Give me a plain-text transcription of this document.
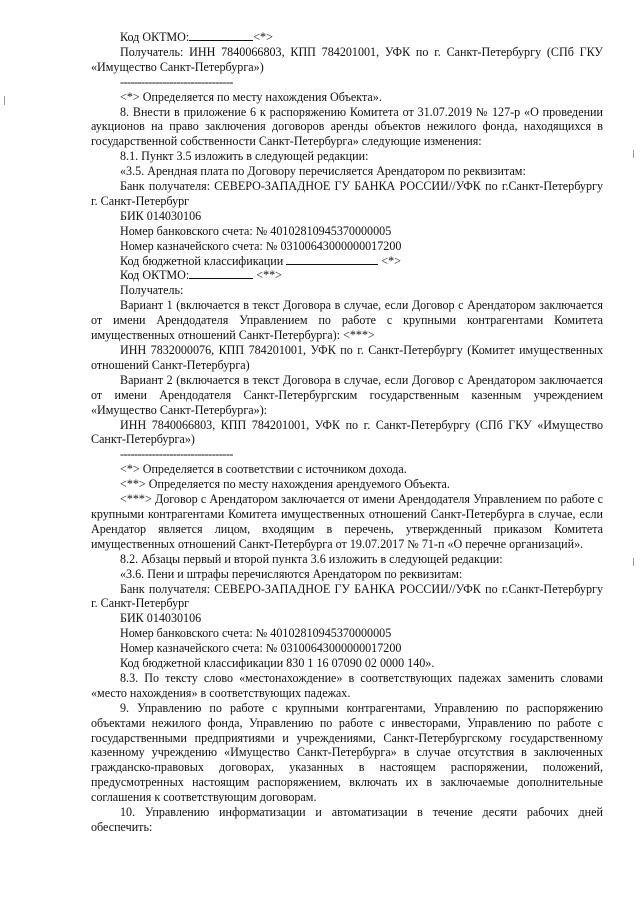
Код ОКТМО:	<*>

Получатель: ИНН 7840066803, КПП 784201001, УФК по г. Санкт-Петербургу (СПб ГКУ «Имущество Санкт-Петербурга»)

--------------------------------

<*> Определяется по месту нахождения Объекта».

8. Внести в приложение 6 к распоряжению Комитета от 31.07.2019 № 127-р «О проведении аукционов на право заключения договоров аренды объектов нежилого фонда, находящихся в государственной собственности Санкт-Петербурга» следующие изменения:

8.1. Пункт 3.5 изложить в следующей редакции:

«3.5. Арендная плата по Договору перечисляется Арендатором по реквизитам:

Банк получателя: СЕВЕРО-ЗАПАДНОЕ ГУ БАНКА РОССИИ//УФК по г.Санкт-Петербургу г. Санкт-Петербург

БИК 014030106

Номер банковского счета: № 40102810945370000005

Номер казначейского счета: № 03100643000000017200

Код бюджетной классификации	<*>

Код ОКТМО:	<**>

Получатель:

Вариант 1 (включается в текст Договора в случае, если Договор с Арендатором заключается от имени Арендодателя Управлением по работе с крупными контрагентами Комитета имущественных отношений Санкт-Петербурга): <***>

ИНН 7832000076, КПП 784201001, УФК по г. Санкт-Петербургу (Комитет имущественных отношений Санкт-Петербурга)

Вариант 2 (включается в текст Договора в случае, если Договор с Арендатором заключается от имени Арендодателя Санкт-Петербургским государственным казенным учреждением «Имущество Санкт-Петербурга»):

ИНН 7840066803, КПП 784201001, УФК по г. Санкт-Петербургу (СПб ГКУ «Имущество Санкт-Петербурга»)

--------------------------------

<*> Определяется в соответствии с источником дохода.

<**> Определяется по месту нахождения арендуемого Объекта.

<***> Договор с Арендатором заключается от имени Арендодателя Управлением по работе с крупными контрагентами Комитета имущественных отношений Санкт-Петербурга в случае, если Арендатор является лицом, входящим в перечень, утвержденный приказом Комитета имущественных отношений Санкт-Петербурга от 19.07.2017 № 71-п «О перечне организаций».

8.2. Абзацы первый и второй пункта 3.6 изложить в следующей редакции:

«3.6. Пени и штрафы перечисляются Арендатором по реквизитам:

Банк получателя: СЕВЕРО-ЗАПАДНОЕ ГУ БАНКА РОССИИ//УФК по г.Санкт-Петербургу г. Санкт-Петербург

БИК 014030106

Номер банковского счета: № 40102810945370000005

Номер казначейского счета: № 03100643000000017200

Код бюджетной классификации 830 1 16 07090 02 0000 140».

8.3. По тексту слово «местонахождение» в соответствующих падежах заменить словами «место нахождения» в соответствующих падежах.

9. Управлению по работе с крупными контрагентами, Управлению по распоряжению объектами нежилого фонда, Управлению по работе с инвесторами, Управлению по работе с государственными предприятиями и учреждениями, Санкт-Петербургскому государственному казенному учреждению «Имущество Санкт-Петербурга» в случае отсутствия в заключенных гражданско-правовых договорах, указанных в настоящем распоряжении, положений, предусмотренных настоящим распоряжением, включать их в заключаемые дополнительные соглашения к соответствующим договорам.

10. Управлению информатизации и автоматизации в течение десяти рабочих дней обеспечить:
